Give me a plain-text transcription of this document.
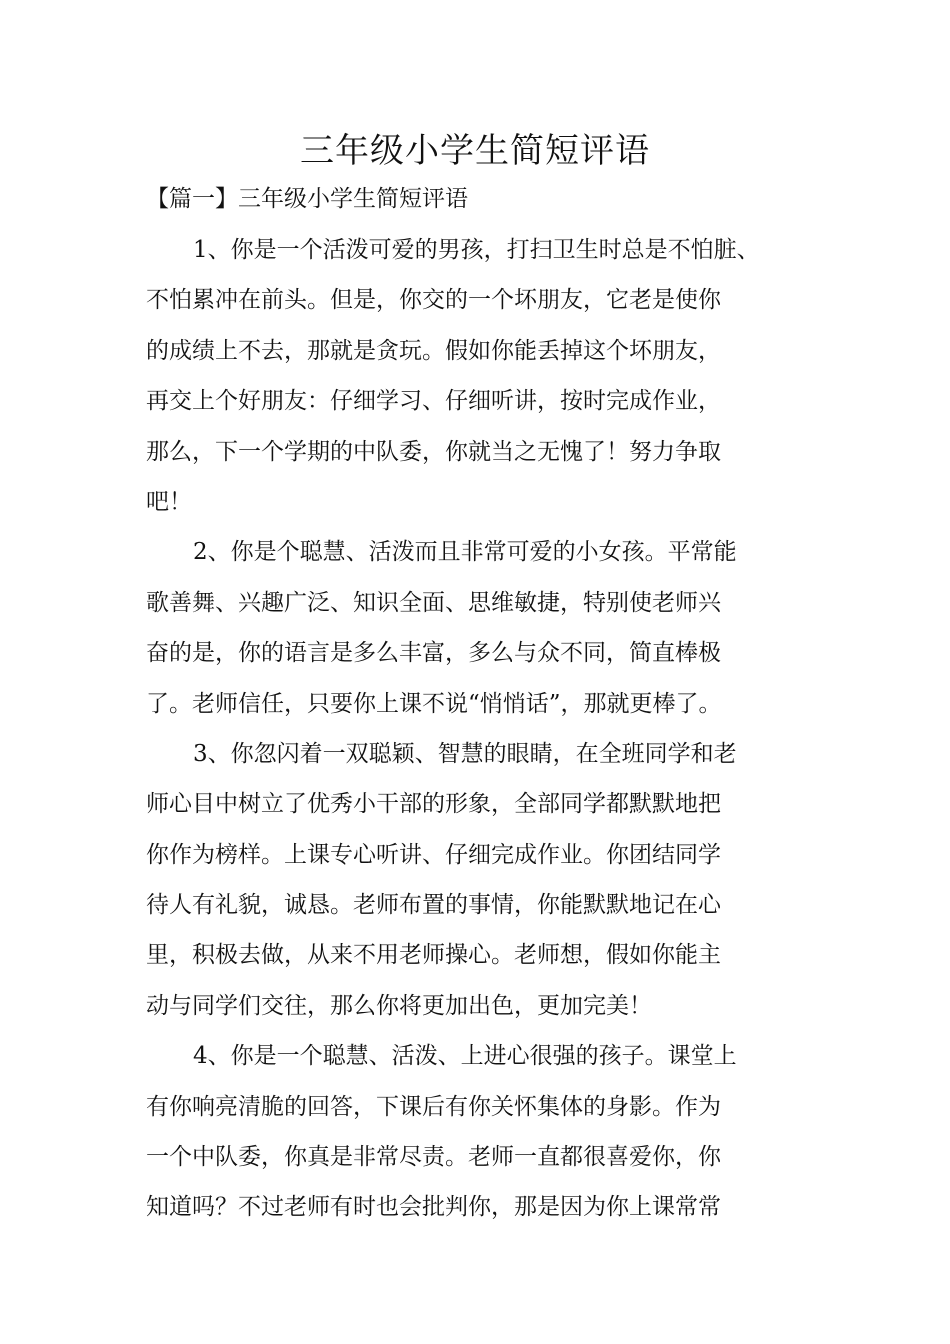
三年级小学生简短评语
【篇一】三年级小学生简短评语

1、你是一个活泼可爱的男孩，打扫卫生时总是不怕脏、
不怕累冲在前头。但是，你交的一个坏朋友，它老是使你
的成绩上不去，那就是贪玩。假如你能丢掉这个坏朋友，
再交上个好朋友：仔细学习、仔细听讲，按时完成作业，
那么，下一个学期的中队委，你就当之无愧了！努力争取
吧！

2、你是个聪慧、活泼而且非常可爱的小女孩。平常能
歌善舞、兴趣广泛、知识全面、思维敏捷，特别使老师兴
奋的是，你的语言是多么丰富，多么与众不同，简直棒极
了。老师信任，只要你上课不说“悄悄话”，那就更棒了。

3、你忽闪着一双聪颖、智慧的眼睛，在全班同学和老
师心目中树立了优秀小干部的形象，全部同学都默默地把
你作为榜样。上课专心听讲、仔细完成作业。你团结同学
待人有礼貌，诚恳。老师布置的事情，你能默默地记在心
里，积极去做，从来不用老师操心。老师想，假如你能主
动与同学们交往，那么你将更加出色，更加完美！

4、你是一个聪慧、活泼、上进心很强的孩子。课堂上
有你响亮清脆的回答，下课后有你关怀集体的身影。作为
一个中队委，你真是非常尽责。老师一直都很喜爱你，你
知道吗？不过老师有时也会批判你，那是因为你上课常常
